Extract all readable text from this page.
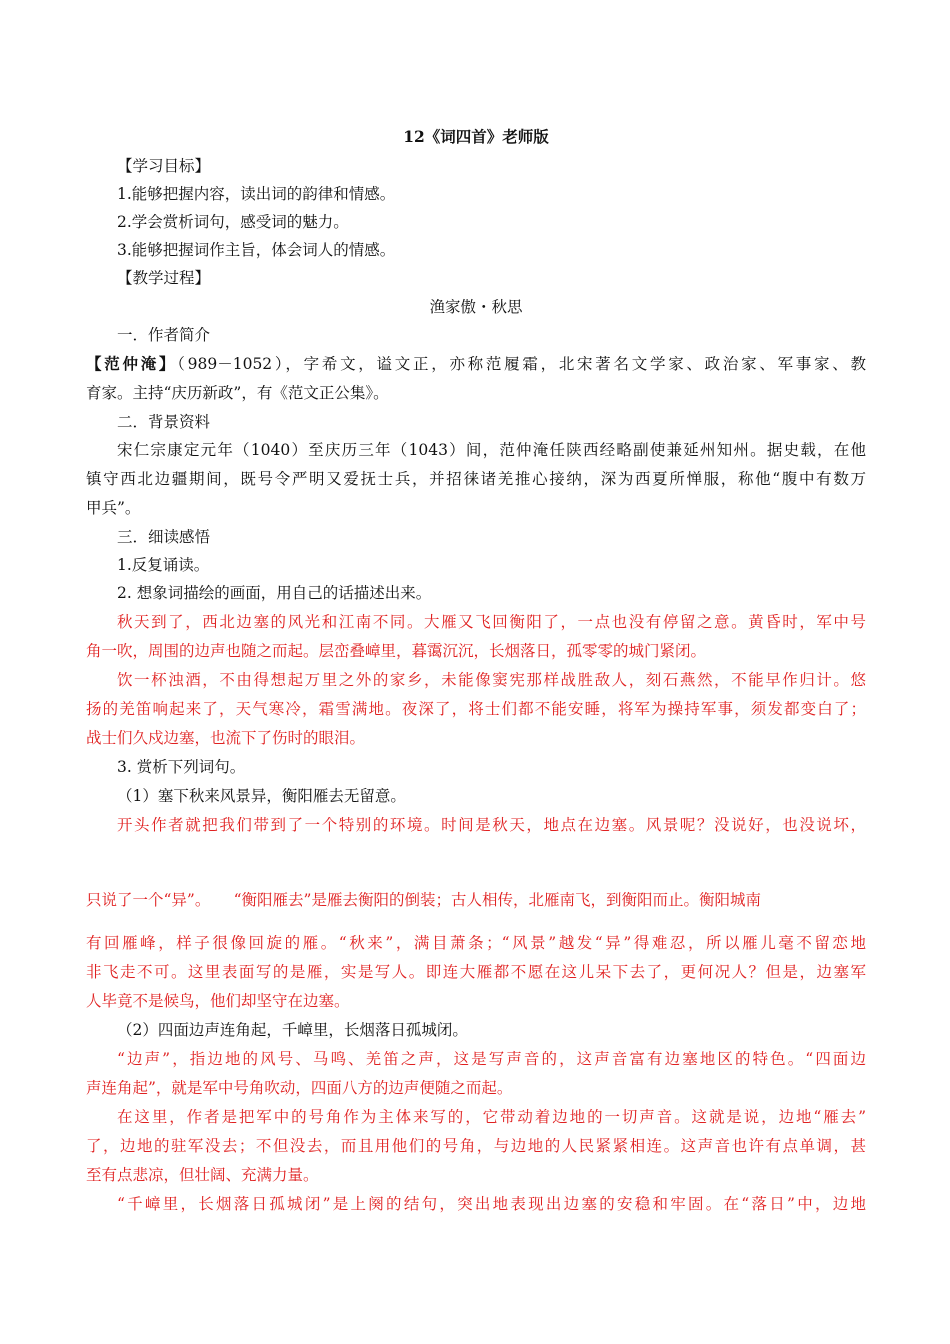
12《词四首》老师版
【学习目标】
1.能够把握内容，读出词的韵律和情感。
2.学会赏析词句，感受词的魅力。
3.能够把握词作主旨，体会词人的情感。
【教学过程】
渔家傲・秋思
一．作者简介
【范仲淹】（989－1052），字希文，谥文正，亦称范履霜，北宋著名文学家、政治家、军事家、教
育家。主持“庆历新政”，有《范文正公集》。
二．背景资料
宋仁宗康定元年（1040）至庆历三年（1043）间，范仲淹任陕西经略副使兼延州知州。据史载，在他
镇守西北边疆期间，既号令严明又爱抚士兵，并招徕诸羌推心接纳，深为西夏所惮服，称他“腹中有数万
甲兵”。
三．细读感悟
1.反复诵读。
2. 想象词描绘的画面，用自己的话描述出来。
秋天到了，西北边塞的风光和江南不同。大雁又飞回衡阳了，一点也没有停留之意。黄昏时，军中号
角一吹，周围的边声也随之而起。层峦叠嶂里，暮霭沉沉，长烟落日，孤零零的城门紧闭。
饮一杯浊酒，不由得想起万里之外的家乡，未能像窦宪那样战胜敌人，刻石燕然，不能早作归计。悠
扬的羌笛响起来了，天气寒冷，霜雪满地。夜深了，将士们都不能安睡，将军为操持军事，须发都变白了；
战士们久戍边塞，也流下了伤时的眼泪。
3. 赏析下列词句。
（1）塞下秋来风景异，衡阳雁去无留意。
开头作者就把我们带到了一个特别的环境。时间是秋天，地点在边塞。风景呢？没说好，也没说坏，
只说了一个“异”。　　“衡阳雁去”是雁去衡阳的倒装；古人相传，北雁南飞，到衡阳而止。衡阳城南
有回雁峰，样子很像回旋的雁。“秋来”，满目萧条；“风景”越发“异”得难忍，所以雁儿毫不留恋地
非飞走不可。这里表面写的是雁，实是写人。即连大雁都不愿在这儿呆下去了，更何况人？但是，边塞军
人毕竟不是候鸟，他们却坚守在边塞。
（2）四面边声连角起，千嶂里，长烟落日孤城闭。
“边声”，指边地的风号、马鸣、羌笛之声，这是写声音的，这声音富有边塞地区的特色。“四面边
声连角起”，就是军中号角吹动，四面八方的边声便随之而起。
在这里，作者是把军中的号角作为主体来写的，它带动着边地的一切声音。这就是说，边地“雁去”
了，边地的驻军没去；不但没去，而且用他们的号角，与边地的人民紧紧相连。这声音也许有点单调，甚
至有点悲凉，但壮阔、充满力量。
“千嶂里，长烟落日孤城闭”是上阕的结句，突出地表现出边塞的安稳和牢固。在“落日”中，边地
